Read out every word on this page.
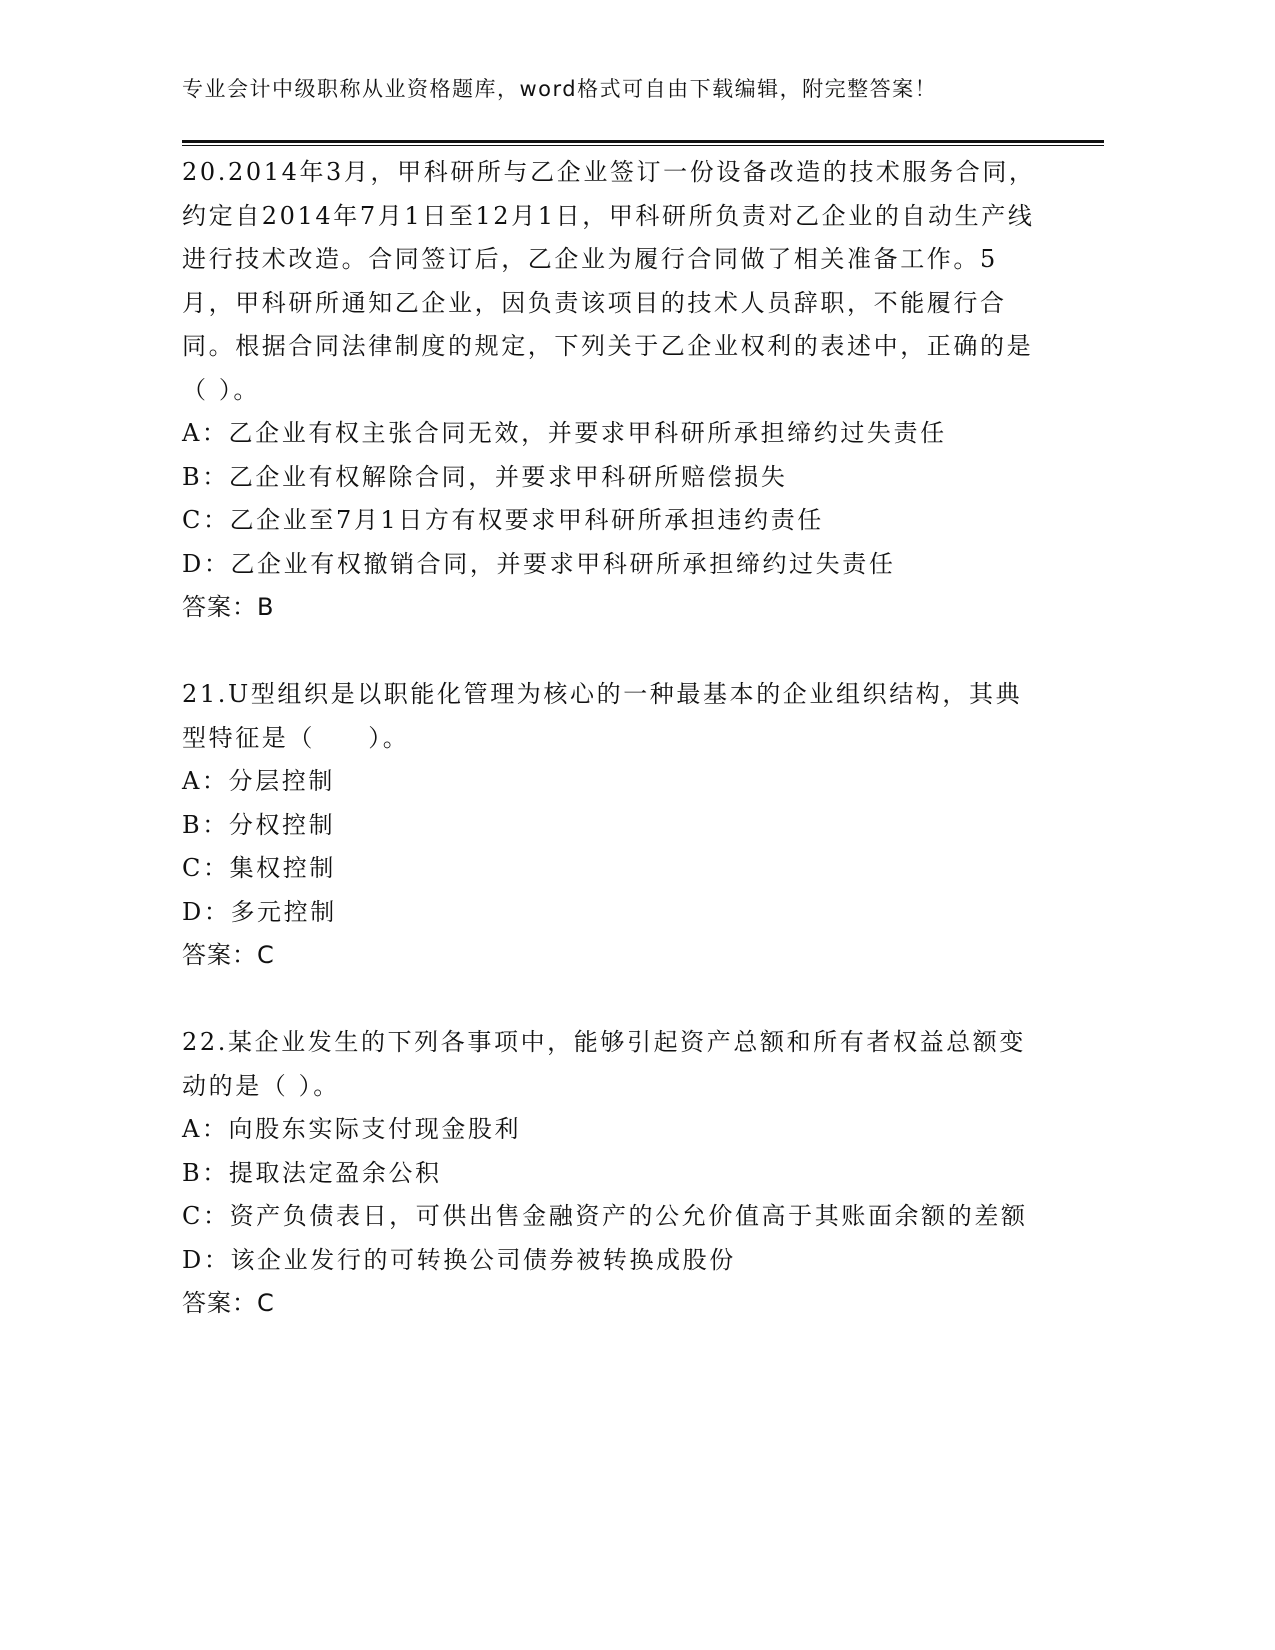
专业会计中级职称从业资格题库，word格式可自由下载编辑，附完整答案！

20.2014年3月，甲科研所与乙企业签订一份设备改造的技术服务合同，约定自2014年7月1日至12月1日，甲科研所负责对乙企业的自动生产线进行技术改造。合同签订后，乙企业为履行合同做了相关准备工作。5月，甲科研所通知乙企业，因负责该项目的技术人员辞职，不能履行合同。根据合同法律制度的规定，下列关于乙企业权利的表述中，正确的是（ ）。

A：乙企业有权主张合同无效，并要求甲科研所承担缔约过失责任

B：乙企业有权解除合同，并要求甲科研所赔偿损失

C：乙企业至7月1日方有权要求甲科研所承担违约责任

D：乙企业有权撤销合同，并要求甲科研所承担缔约过失责任

答案：B

21.U型组织是以职能化管理为核心的一种最基本的企业组织结构，其典型特征是（　　）。

A：分层控制

B：分权控制

C：集权控制

D：多元控制

答案：C

22.某企业发生的下列各事项中，能够引起资产总额和所有者权益总额变动的是（ ）。

A：向股东实际支付现金股利

B：提取法定盈余公积

C：资产负债表日，可供出售金融资产的公允价值高于其账面余额的差额

D：该企业发行的可转换公司债券被转换成股份

答案：C
